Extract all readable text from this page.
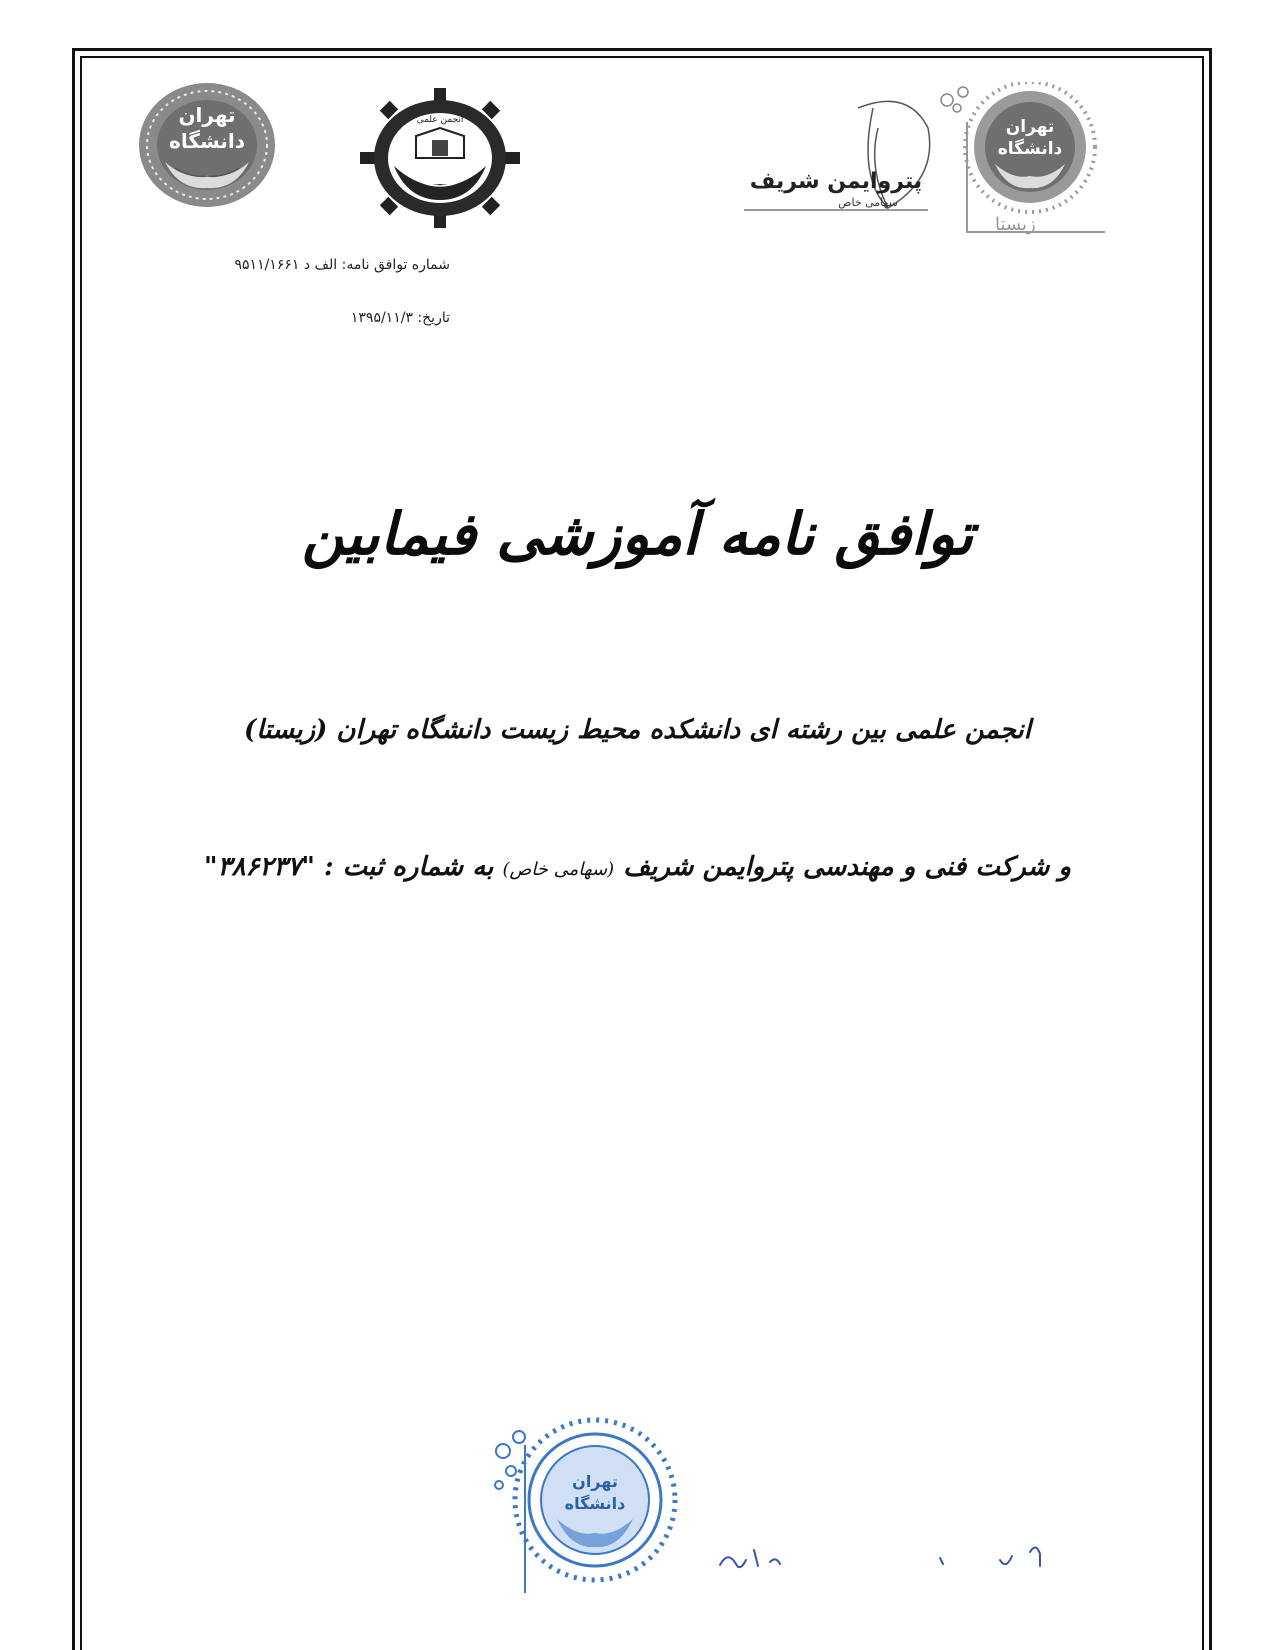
تهران
دانشگاه
انجمن علمی
پتروایمن شریف
سهامی خاص
تهران
دانشگاه
زیستا
شماره توافق نامه: الف د ۹۵۱۱/۱۶۶۱
تاریخ: ۱۳۹۵/۱۱/۳
توافق نامه آموزشی فیمابین
انجمن علمی بین رشته ای دانشکده محیط زیست دانشگاه تهران (زیستا)
و شرکت فنی و مهندسی پتروایمن شریف (سهامی خاص) به شماره ثبت : "۳۸۶۲۳۷"
تهران
دانشگاه
